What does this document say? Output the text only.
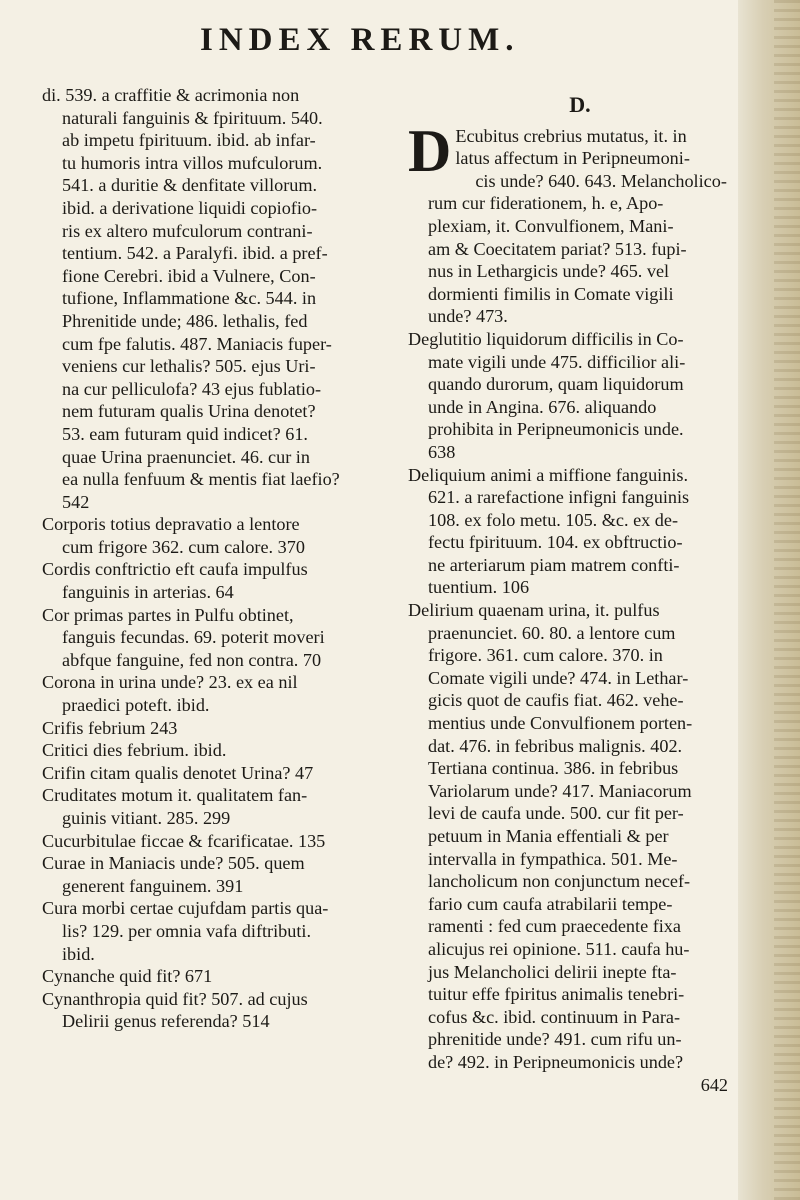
INDEX RERUM.
di. 539. a craffitie & acrimonia non
naturali fanguinis & fpirituum. 540.
ab impetu fpirituum. ibid. ab infar-
tu humoris intra villos mufculorum.
541. a duritie & denfitate villorum.
ibid. a derivatione liquidi copiofio-
ris ex altero mufculorum contrani-
tentium. 542. a Paralyfi. ibid. a pref-
fione Cerebri. ibid a Vulnere, Con-
tufione, Inflammatione &c. 544. in
Phrenitide unde; 486. lethalis, fed
cum fpe falutis. 487. Maniacis fuper-
veniens cur lethalis? 505. ejus Uri-
na cur pelliculofa? 43 ejus fublatio-
nem futuram qualis Urina denotet?
53. eam futuram quid indicet? 61.
quae Urina praenunciet. 46. cur in
ea nulla fenfuum & mentis fiat laefio?
542
Corporis totius depravatio a lentore
cum frigore 362. cum calore. 370
Cordis conftrictio eft caufa impulfus
fanguinis in arterias. 64
Cor primas partes in Pulfu obtinet,
fanguis fecundas. 69. poterit moveri
abfque fanguine, fed non contra. 70
Corona in urina unde? 23. ex ea nil
praedici poteft. ibid.
Crifis febrium 243
Critici dies febrium. ibid.
Crifin citam qualis denotet Urina? 47
Cruditates motum it. qualitatem fan-
guinis vitiant. 285. 299
Cucurbitulae ficcae & fcarificatae. 135
Curae in Maniacis unde? 505. quem
generent fanguinem. 391
Cura morbi certae cujufdam partis qua-
lis? 129. per omnia vafa diftributi.
ibid.
Cynanche quid fit? 671
Cynanthropia quid fit? 507. ad cujus
Delirii genus referenda? 514
D.
D Ecubitus crebrius mutatus, it. in
latus affectum in Peripneumoni-
cis unde? 640. 643. Melancholico-
rum cur fiderationem, h. e, Apo-
plexiam, it. Convulfionem, Mani-
am & Coecitatem pariat? 513. fupi-
nus in Lethargicis unde? 465. vel
dormienti fimilis in Comate vigili
unde? 473.
Deglutitio liquidorum difficilis in Co-
mate vigili unde 475. difficilior ali-
quando durorum, quam liquidorum
unde in Angina. 676. aliquando
prohibita in Peripneumonicis unde.
638
Deliquium animi a miffione fanguinis.
621. a rarefactione infigni fanguinis
108. ex folo metu. 105. &c. ex de-
fectu fpirituum. 104. ex obftructio-
ne arteriarum piam matrem confti-
tuentium. 106
Delirium quaenam urina, it. pulfus
praenunciet. 60. 80. a lentore cum
frigore. 361. cum calore. 370. in
Comate vigili unde? 474. in Lethar-
gicis quot de caufis fiat. 462. vehe-
mentius unde Convulfionem porten-
dat. 476. in febribus malignis. 402.
Tertiana continua. 386. in febribus
Variolarum unde? 417. Maniacorum
levi de caufa unde. 500. cur fit per-
petuum in Mania effentiali & per
intervalla in fympathica. 501. Me-
lancholicum non conjunctum necef-
fario cum caufa atrabilarii tempe-
ramenti : fed cum praecedente fixa
alicujus rei opinione. 511. caufa hu-
jus Melancholici delirii inepte fta-
tuitur effe fpiritus animalis tenebri-
cofus &c. ibid. continuum in Para-
phrenitide unde? 491. cum rifu un-
de? 492. in Peripneumonicis unde?
642
